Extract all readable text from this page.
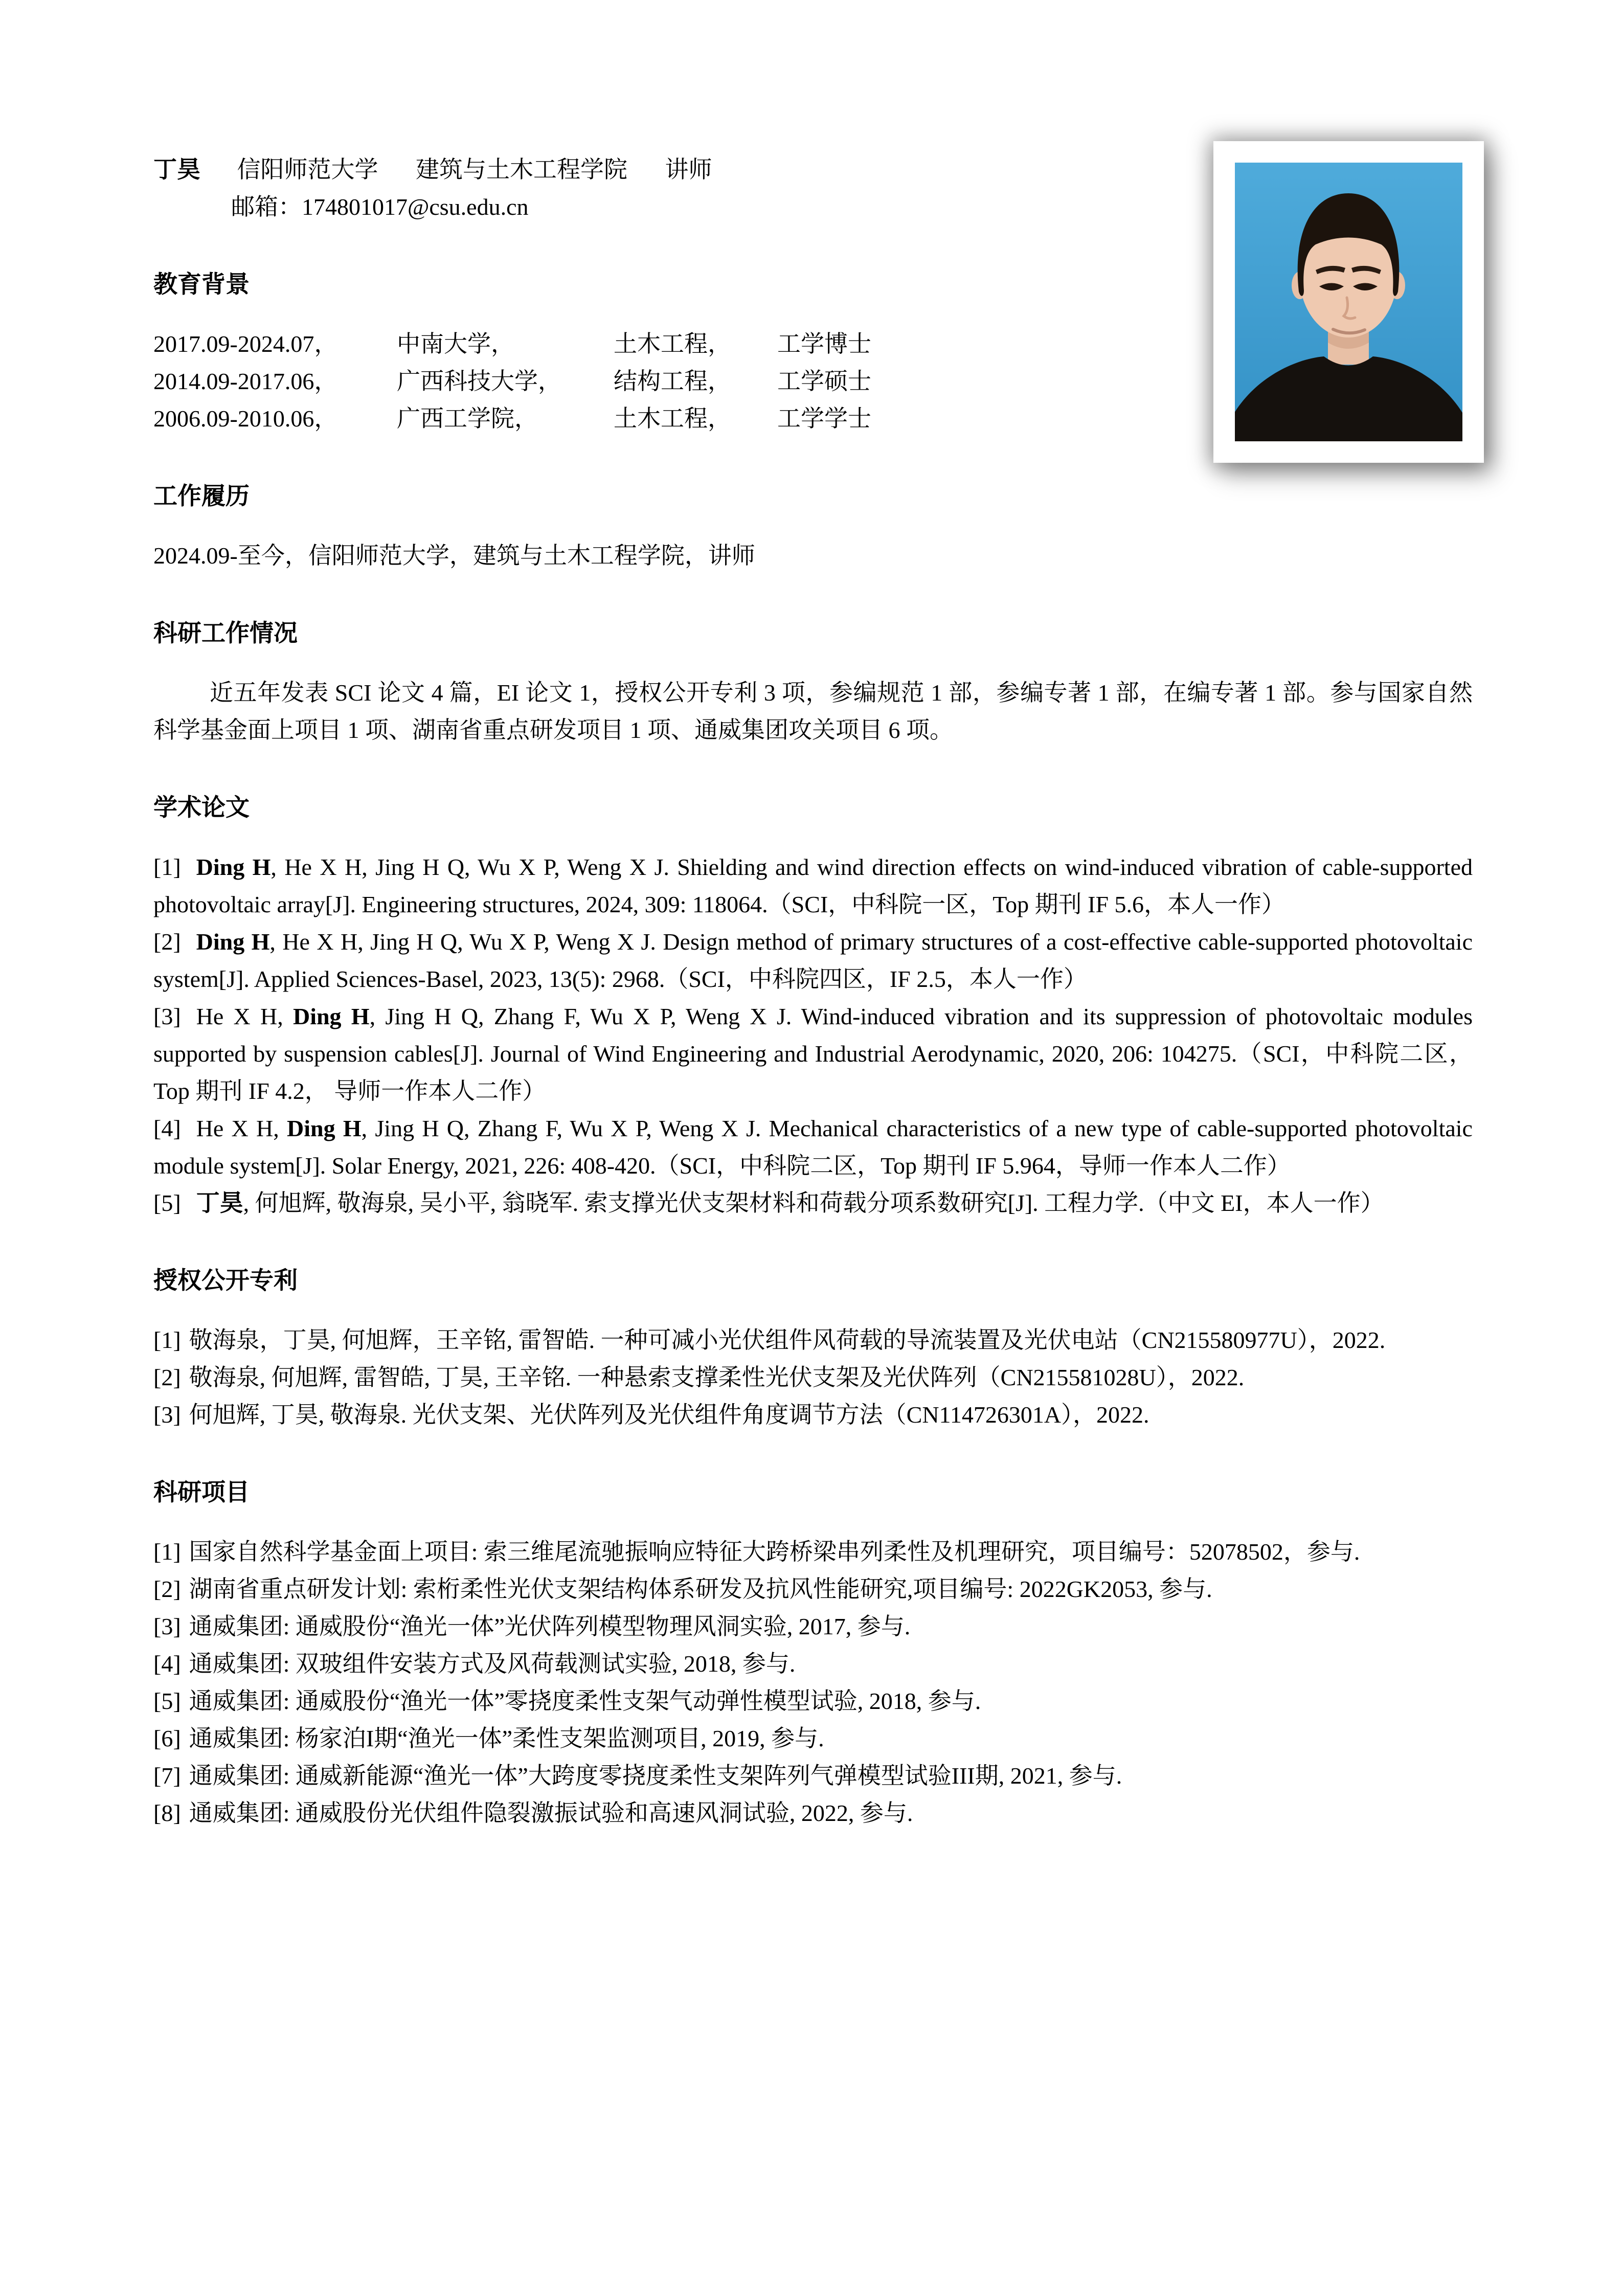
丁昊 信阳师范大学 建筑与土木工程学院 讲师
邮箱：174801017@csu.edu.cn
教育背景
2017.09-2024.07，	中南大学，	土木工程，	工学博士
2014.09-2017.06，	广西科技大学，	结构工程，	工学硕士
2006.09-2010.06，	广西工学院，	土木工程，	工学学士
工作履历
2024.09-至今，信阳师范大学，建筑与土木工程学院，讲师
科研工作情况

近五年发表 SCI 论文 4 篇，EI 论文 1，授权公开专利 3 项，参编规范 1 部，参编专著 1 部，在编专著 1 部。参与国家自然科学基金面上项目 1 项、湖南省重点研发项目 1 项、通威集团攻关项目 6 项。

学术论文
[1] Ding H, He X H, Jing H Q, Wu X P, Weng X J. Shielding and wind direction effects on wind-induced vibration of cable-supported photovoltaic array[J]. Engineering structures, 2024, 309: 118064.（SCI，中科院一区，Top 期刊 IF 5.6，本人一作）
[2] Ding H, He X H, Jing H Q, Wu X P, Weng X J. Design method of primary structures of a cost-effective cable-supported photovoltaic system[J]. Applied Sciences-Basel, 2023, 13(5): 2968.（SCI，中科院四区，IF 2.5，本人一作）
[3] He X H, Ding H, Jing H Q, Zhang F, Wu X P, Weng X J. Wind-induced vibration and its suppression of photovoltaic modules supported by suspension cables[J]. Journal of Wind Engineering and Industrial Aerodynamic, 2020, 206: 104275.（SCI，中科院二区，Top 期刊 IF 4.2， 导师一作本人二作）
[4] He X H, Ding H, Jing H Q, Zhang F, Wu X P, Weng X J. Mechanical characteristics of a new type of cable-supported photovoltaic module system[J]. Solar Energy, 2021, 226: 408-420.（SCI，中科院二区，Top 期刊 IF 5.964，导师一作本人二作）
[5] 丁昊, 何旭辉, 敬海泉, 吴小平, 翁晓军. 索支撑光伏支架材料和荷载分项系数研究[J]. 工程力学.（中文 EI，本人一作）
授权公开专利
[1] 敬海泉，丁昊, 何旭辉，王辛铭, 雷智皓. 一种可减小光伏组件风荷载的导流装置及光伏电站（CN215580977U），2022.
[2] 敬海泉, 何旭辉, 雷智皓, 丁昊, 王辛铭. 一种悬索支撑柔性光伏支架及光伏阵列（CN215581028U），2022.
[3] 何旭辉, 丁昊, 敬海泉. 光伏支架、光伏阵列及光伏组件角度调节方法（CN114726301A），2022.
科研项目
[1] 国家自然科学基金面上项目: 索三维尾流驰振响应特征大跨桥梁串列柔性及机理研究，项目编号：52078502，参与.
[2] 湖南省重点研发计划: 索桁柔性光伏支架结构体系研发及抗风性能研究,项目编号: 2022GK2053, 参与.
[3] 通威集团: 通威股份“渔光一体”光伏阵列模型物理风洞实验, 2017, 参与.
[4] 通威集团: 双玻组件安装方式及风荷载测试实验, 2018, 参与.
[5] 通威集团: 通威股份“渔光一体”零挠度柔性支架气动弹性模型试验, 2018, 参与.
[6] 通威集团: 杨家泊I期“渔光一体”柔性支架监测项目, 2019, 参与.
[7] 通威集团: 通威新能源“渔光一体”大跨度零挠度柔性支架阵列气弹模型试验III期, 2021, 参与.
[8] 通威集团: 通威股份光伏组件隐裂激振试验和高速风洞试验, 2022, 参与.
